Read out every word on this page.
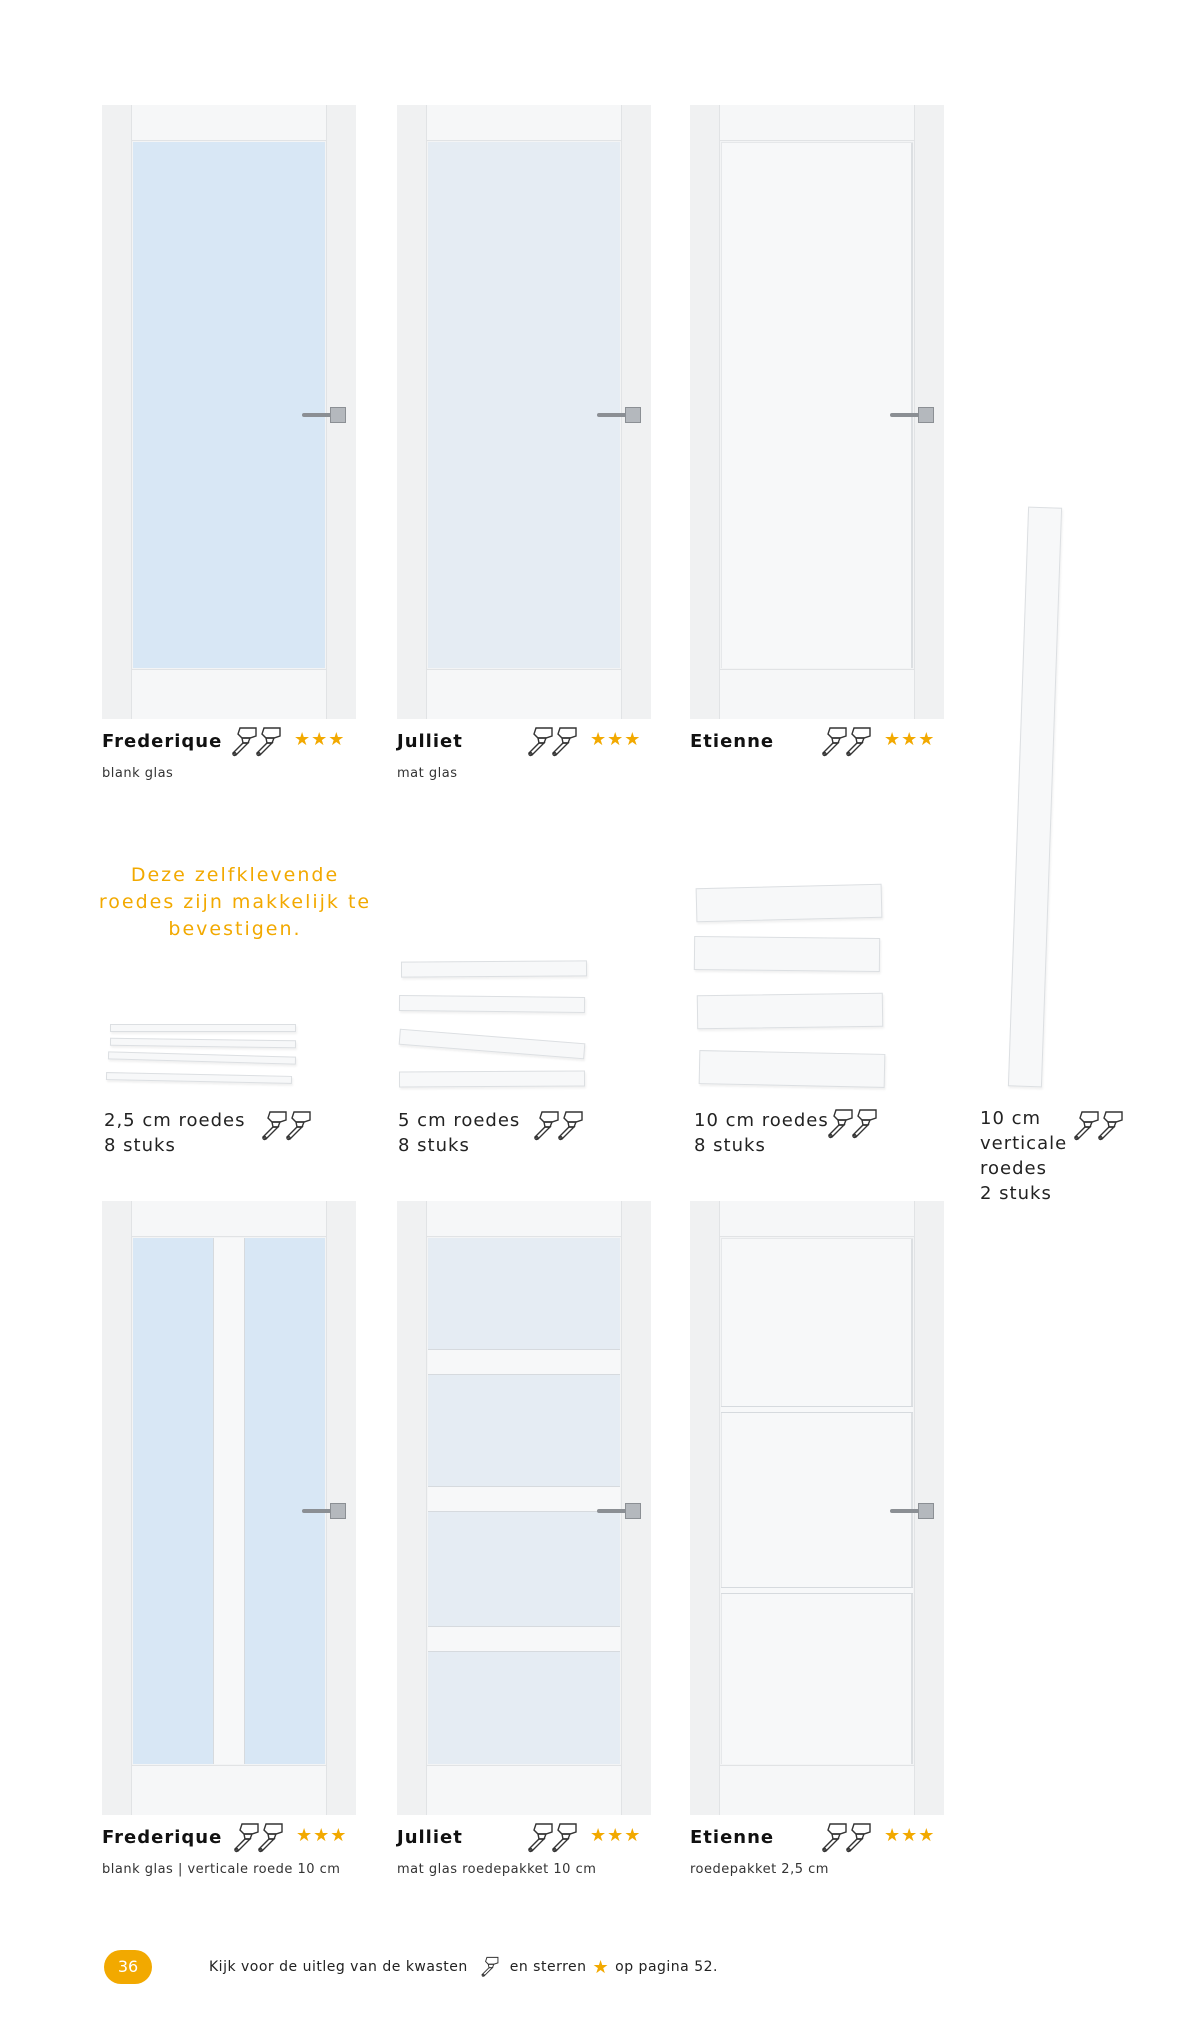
Frederique	★★★
blank glas
Julliet	★★★
mat glas
Etienne	★★★
Deze zelfklevende roedes zijn makkelijk te bevestigen.
2,5 cm roedes
8 stuks
5 cm roedes
8 stuks
10 cm roedes
8 stuks
10 cm
verticale
roedes
2 stuks
Frederique	★★★
blank glas | verticale roede 10 cm
Julliet	★★★
mat glas roedepakket 10 cm
Etienne	★★★
roedepakket 2,5 cm
36	Kijk voor de uitleg van de kwasten	en sterren ★ op pagina 52.
